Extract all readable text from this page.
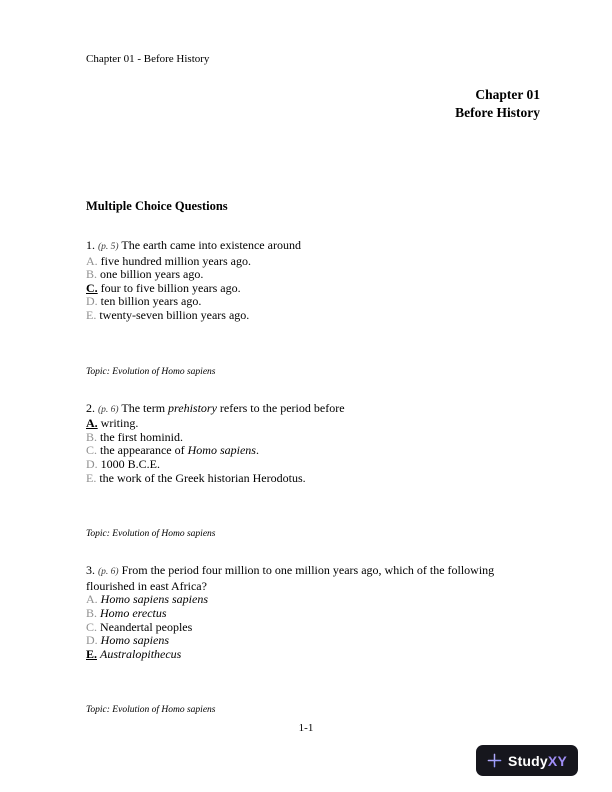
Chapter 01 - Before History
Chapter 01
Before History
Multiple Choice Questions

1. (p. 5) The earth came into existence around

A. five hundred million years ago.
B. one billion years ago.
C. four to five billion years ago.
D. ten billion years ago.
E. twenty-seven billion years ago.
Topic: Evolution of Homo sapiens

2. (p. 6) The term prehistory refers to the period before

A. writing.
B. the first hominid.
C. the appearance of Homo sapiens.
D. 1000 B.C.E.
E. the work of the Greek historian Herodotus.
Topic: Evolution of Homo sapiens

3. (p. 6) From the period four million to one million years ago, which of the following flourished in east Africa?

A. Homo sapiens sapiens
B. Homo erectus
C. Neandertal peoples
D. Homo sapiens
E. Australopithecus
Topic: Evolution of Homo sapiens
1-1
StudyXY
